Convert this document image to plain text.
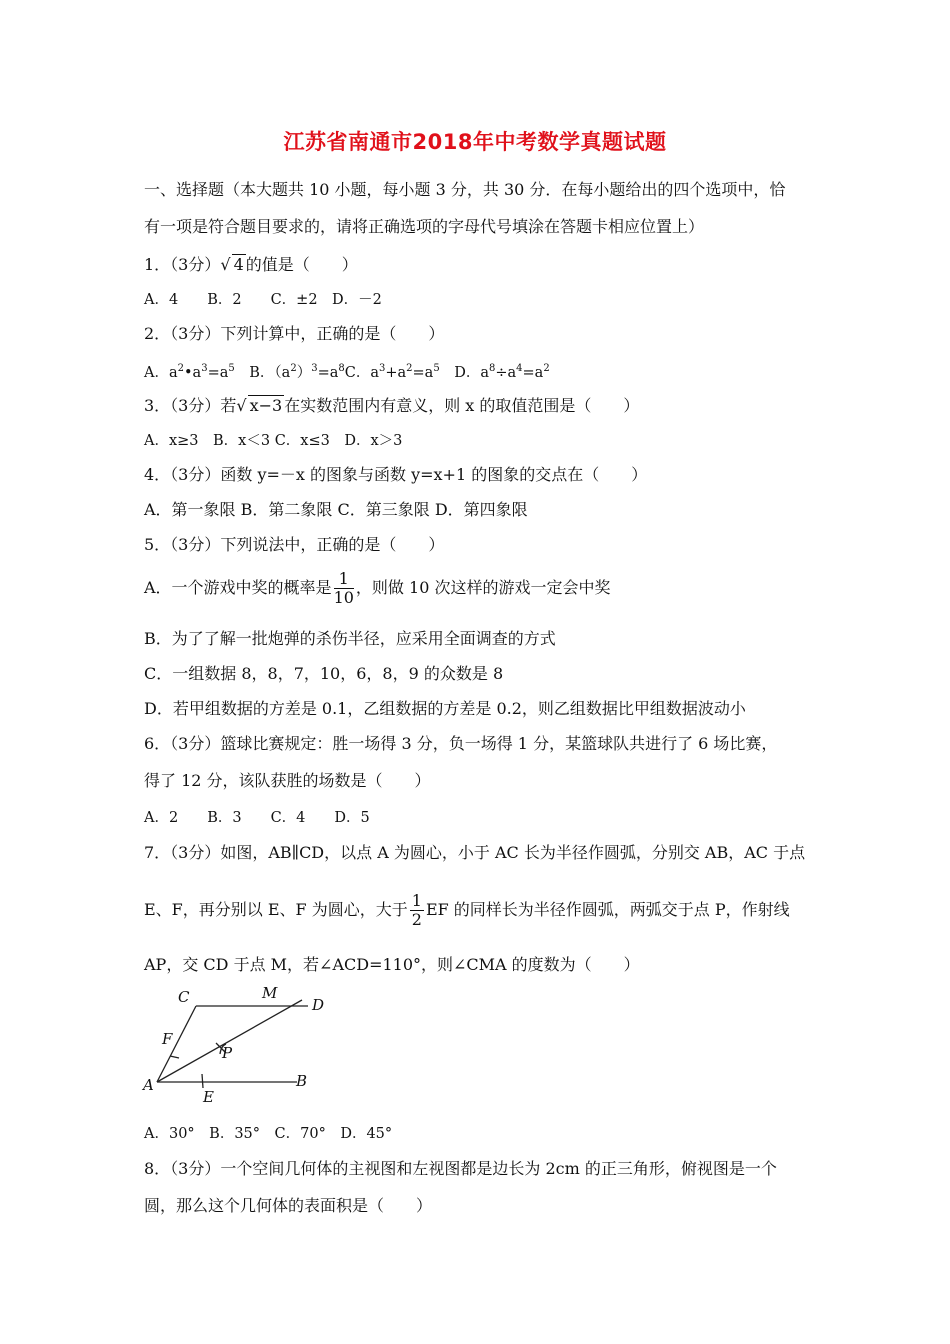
江苏省南通市2018年中考数学真题试题
一、选择题（本大题共 10 小题，每小题 3 分，共 30 分．在每小题给出的四个选项中，恰
有一项是符合题目要求的，请将正确选项的字母代号填涂在答题卡相应位置上）
1．（3分）√ 4 的值是（　　）
A．4　　B．2　　C．±2　D．－2
2．（3分）下列计算中，正确的是（　　）
A．$a^2•a^3=a^5$　B．$(a^2)^3=a^8C$．$a^3+a^2=a^5$　D．$a^8\div a^4=a^2$
3．（3分）若√ x−3 在实数范围内有意义，则 x 的取值范围是（　　）
A．x≥3　B．x＜3 C．x≤3　D．x＞3
4．（3分）函数 y=－x 的图象与函数 y=x+1 的图象的交点在（　　）
A．第一象限 B．第二象限 C．第三象限 D．第四象限
5．（3分）下列说法中，正确的是（　　）
A．一个游戏中奖的概率是 $\frac{1}{10}$ ，则做 10 次这样的游戏一定会中奖
B．为了了解一批炮弹的杀伤半径，应采用全面调查的方式
C．一组数据 8，8，7，10，6，8，9 的众数是 8
D．若甲组数据的方差是 0.1，乙组数据的方差是 0.2，则乙组数据比甲组数据波动小
6．（3分）篮球比赛规定：胜一场得 3 分，负一场得 1 分，某篮球队共进行了 6 场比赛，
得了 12 分，该队获胜的场数是（　　）
A．2　　B．3　　C．4　　D．5
7．（3分）如图，AB∥CD，以点 A 为圆心，小于 AC 长为半径作圆弧，分别交 AB，AC 于点
E、F，再分别以 E、F 为圆心，大于 $\frac{1}{2}$ EF 的同样长为半径作圆弧，两弧交于点 P，作射线
AP，交 CD 于点 M，若∠ACD=110°，则∠CMA 的度数为（　　）
C	M
D
F
P
A
E
B
A．30°　B．35°　C．70°　D．45°
8．（3分）一个空间几何体的主视图和左视图都是边长为 2cm 的正三角形，俯视图是一个
圆，那么这个几何体的表面积是（　　）
